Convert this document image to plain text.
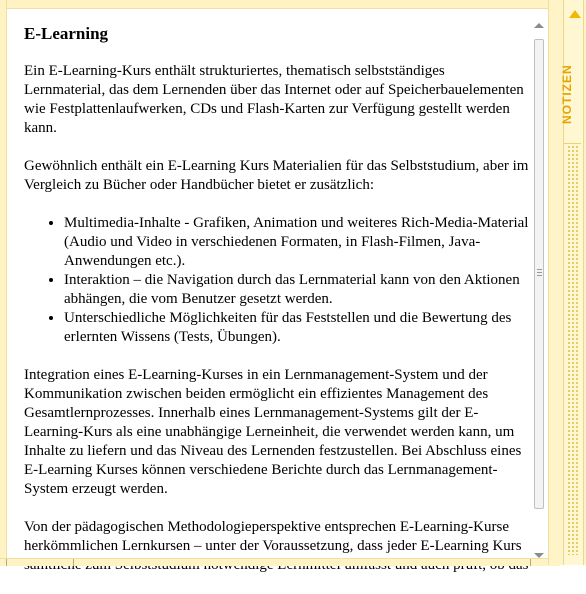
E-Learning

Ein E-Learning-Kurs enthält strukturiertes, thematisch selbstständiges Lernmaterial, das dem Lernenden über das Internet oder auf Speicherbauelementen wie Festplattenlaufwerken, CDs und Flash-Karten zur Verfügung gestellt werden kann.

Gewöhnlich enthält ein E-Learning Kurs Materialien für das Selbststudium, aber im Vergleich zu Bücher oder Handbücher bietet er zusätzlich:

• Multimedia-Inhalte - Grafiken, Animation und weiteres Rich-Media-Material (Audio und Video in verschiedenen Formaten, in Flash-Filmen, Java-Anwendungen etc.).
• Interaktion – die Navigation durch das Lernmaterial kann von den Aktionen abhängen, die vom Benutzer gesetzt werden.
• Unterschiedliche Möglichkeiten für das Feststellen und die Bewertung des erlernten Wissens (Tests, Übungen).

Integration eines E-Learning-Kurses in ein Lernmanagement-System und der Kommunikation zwischen beiden ermöglicht ein effizientes Management des Gesamtlernprozesses. Innerhalb eines Lernmanagement-Systems gilt der E-Learning-Kurs als eine unabhängige Lerneinheit, die verwendet werden kann, um Inhalte zu liefern und das Niveau des Lernenden festzustellen. Bei Abschluss eines E-Learning Kurses können verschiedene Berichte durch das Lernmanagement-System erzeugt werden.

Von der pädagogischen Methodologieperspektive entsprechen E-Learning-Kurse herkömmlichen Lernkursen – unter der Voraussetzung, dass jeder E-Learning Kurs

NOTIZEN
